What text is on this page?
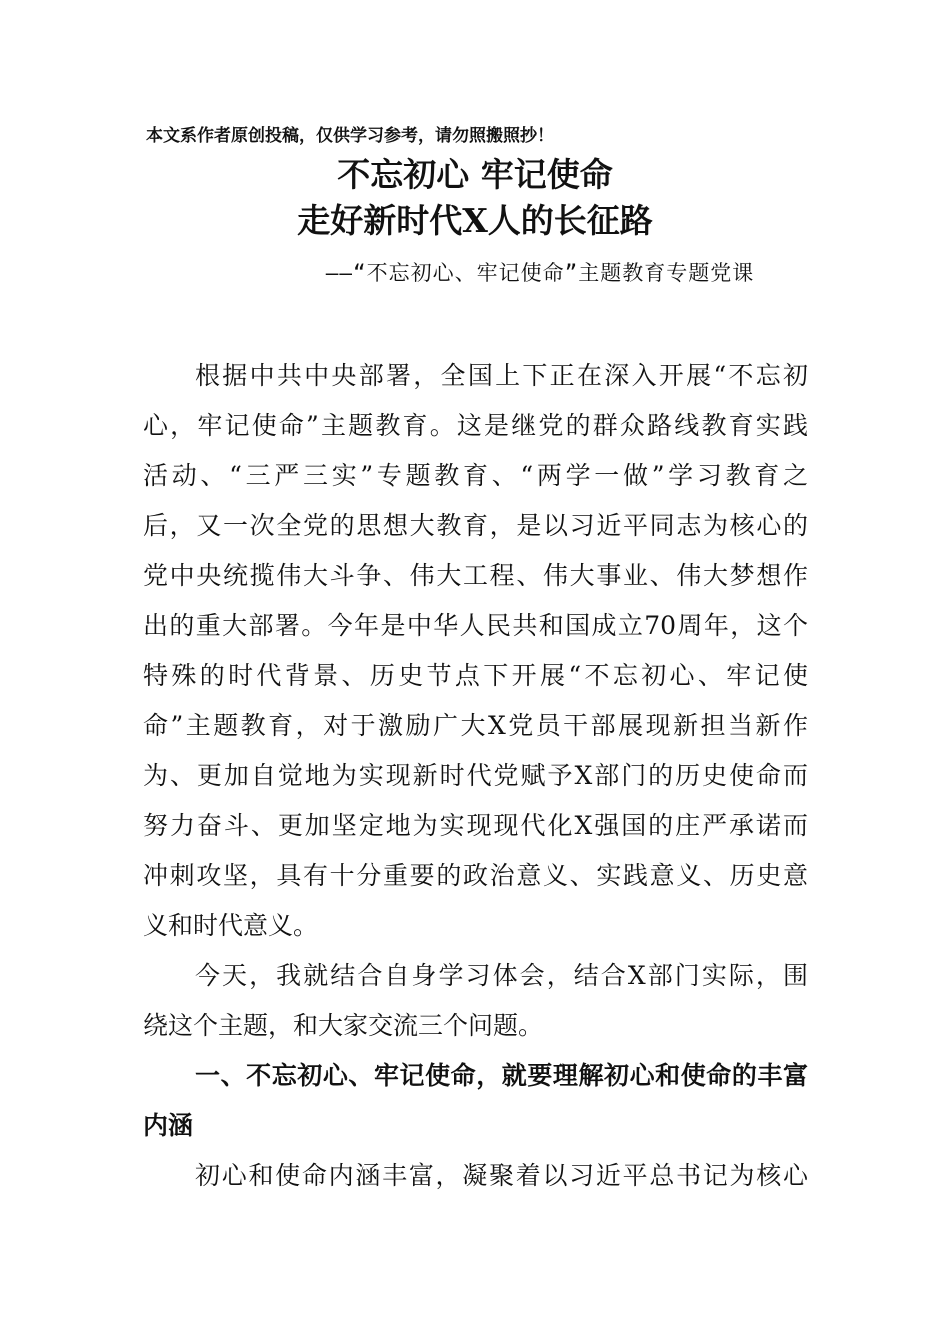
本文系作者原创投稿，仅供学习参考，请勿照搬照抄！
不忘初心 牢记使命
走好新时代X人的长征路
——“不忘初心、牢记使命”主题教育专题党课
根据中共中央部署，全国上下正在深入开展“不忘初
心，牢记使命”主题教育。这是继党的群众路线教育实践
活动、“三严三实”专题教育、“两学一做”学习教育之
后，又一次全党的思想大教育，是以习近平同志为核心的
党中央统揽伟大斗争、伟大工程、伟大事业、伟大梦想作
出的重大部署。今年是中华人民共和国成立70周年，这个
特殊的时代背景、历史节点下开展“不忘初心、牢记使
命”主题教育，对于激励广大X党员干部展现新担当新作
为、更加自觉地为实现新时代党赋予X部门的历史使命而
努力奋斗、更加坚定地为实现现代化X强国的庄严承诺而
冲刺攻坚，具有十分重要的政治意义、实践意义、历史意
义和时代意义。
今天，我就结合自身学习体会，结合X部门实际，围
绕这个主题，和大家交流三个问题。
一、不忘初心、牢记使命，就要理解初心和使命的丰富
内涵
初心和使命内涵丰富，凝聚着以习近平总书记为核心
